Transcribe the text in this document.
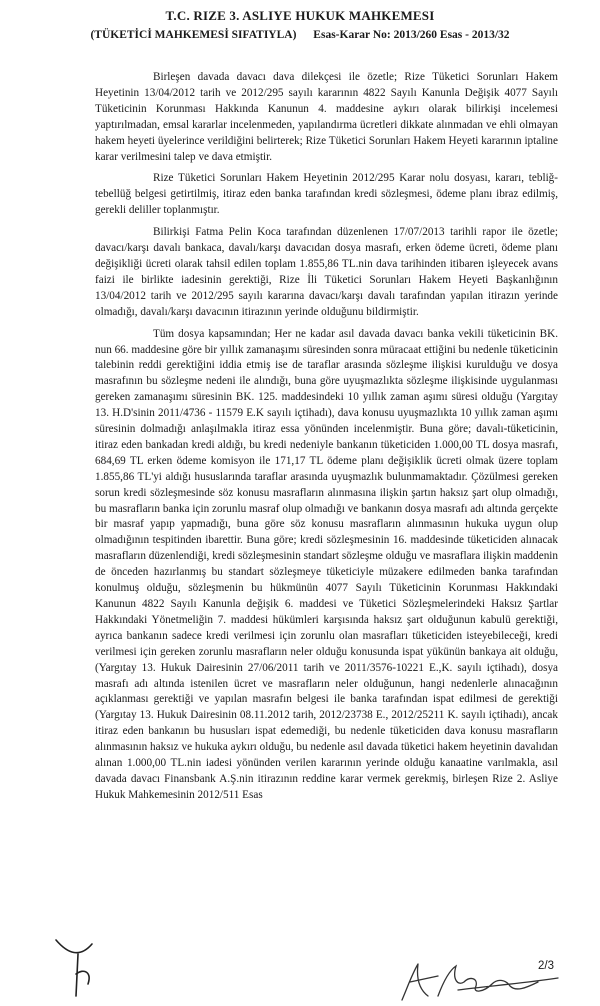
T.C. RIZE 3. ASLIYE HUKUK MAHKEMESI
(TÜKETİCİ MAHKEMESİ SIFATIYLA) Esas-Karar No: 2013/260 Esas - 2013/32

Birleşen davada davacı dava dilekçesi ile özetle; Rize Tüketici Sorunları Hakem Heyetinin 13/04/2012 tarih ve 2012/295 sayılı kararının 4822 Sayılı Kanunla Değişik 4077 Sayılı Tüketicinin Korunması Hakkında Kanunun 4. maddesine aykırı olarak bilirkişi incelemesi yaptırılmadan, emsal kararlar incelenmeden, yapılandırma ücretleri dikkate alınmadan ve ehli olmayan hakem heyeti üyelerince verildiğini belirterek; Rize Tüketici Sorunları Hakem Heyeti kararının iptaline karar verilmesini talep ve dava etmiştir.

Rize Tüketici Sorunları Hakem Heyetinin 2012/295 Karar nolu dosyası, kararı, tebliğ-tebellüğ belgesi getirtilmiş, itiraz eden banka tarafından kredi sözleşmesi, ödeme planı ibraz edilmiş, gerekli deliller toplanmıştır.

Bilirkişi Fatma Pelin Koca tarafından düzenlenen 17/07/2013 tarihli rapor ile özetle; davacı/karşı davalı bankaca, davalı/karşı davacıdan dosya masrafı, erken ödeme ücreti, ödeme planı değişikliği ücreti olarak tahsil edilen toplam 1.855,86 TL.nin dava tarihinden itibaren işleyecek avans faizi ile birlikte iadesinin gerektiği, Rize İli Tüketici Sorunları Hakem Heyeti Başkanlığının 13/04/2012 tarih ve 2012/295 sayılı kararına davacı/karşı davalı tarafından yapılan itirazın yerinde olmadığı, davalı/karşı davacının itirazının yerinde olduğunu bildirmiştir.

Tüm dosya kapsamından; Her ne kadar asıl davada davacı banka vekili tüketicinin BK. nun 66. maddesine göre bir yıllık zamanaşımı süresinden sonra müracaat ettiğini bu nedenle tüketicinin talebinin reddi gerektiğini iddia etmiş ise de taraflar arasında sözleşme ilişkisi kurulduğu ve dosya masrafının bu sözleşme nedeni ile alındığı, buna göre uyuşmazlıkta sözleşme ilişkisinde uygulanması gereken zamanaşımı süresinin BK. 125. maddesindeki 10 yıllık zaman aşımı süresi olduğu (Yargıtay 13. H.D'sinin 2011/4736 - 11579 E.K sayılı içtihadı), dava konusu uyuşmazlıkta 10 yıllık zaman aşımı süresinin dolmadığı anlaşılmakla itiraz essa yönünden incelenmiştir. Buna göre; davalı-tüketicinin, itiraz eden bankadan kredi aldığı, bu kredi nedeniyle bankanın tüketiciden 1.000,00 TL dosya masrafı, 684,69 TL erken ödeme komisyon ile 171,17 TL ödeme planı değişiklik ücreti olmak üzere toplam 1.855,86 TL'yi aldığı hususlarında taraflar arasında uyuşmazlık bulunmamaktadır. Çözülmesi gereken sorun kredi sözleşmesinde söz konusu masrafların alınmasına ilişkin şartın haksız şart olup olmadığı, bu masrafların banka için zorunlu masraf olup olmadığı ve bankanın dosya masrafı adı altında gerçekte bir masraf yapıp yapmadığı, buna göre söz konusu masrafların alınmasının hukuka uygun olup olmadığının tespitinden ibarettir. Buna göre; kredi sözleşmesinin 16. maddesinde tüketiciden alınacak masrafların düzenlendiği, kredi sözleşmesinin standart sözleşme olduğu ve masraflara ilişkin maddenin de önceden hazırlanmış bu standart sözleşmeye tüketiciyle müzakere edilmeden banka tarafından konulmuş olduğu, sözleşmenin bu hükmünün 4077 Sayılı Tüketicinin Korunması Hakkındaki Kanunun 4822 Sayılı Kanunla değişik 6. maddesi ve Tüketici Sözleşmelerindeki Haksız Şartlar Hakkındaki Yönetmeliğin 7. maddesi hükümleri karşısında haksız şart olduğunun kabulü gerektiği, ayrıca bankanın sadece kredi verilmesi için zorunlu olan masrafları tüketiciden isteyebileceği, kredi verilmesi için gereken zorunlu masrafların neler olduğu konusunda ispat yükünün bankaya ait olduğu, (Yargıtay 13. Hukuk Dairesinin 27/06/2011 tarih ve 2011/3576-10221 E.,K. sayılı içtihadı), dosya masrafı adı altında istenilen ücret ve masrafların neler olduğunun, hangi nedenlerle alınacağının açıklanması gerektiği ve yapılan masrafın belgesi ile banka tarafından ispat edilmesi de gerektiği (Yargıtay 13. Hukuk Dairesinin 08.11.2012 tarih, 2012/23738 E., 2012/25211 K. sayılı içtihadı), ancak itiraz eden bankanın bu hususları ispat edemediği, bu nedenle tüketiciden dava konusu masrafların alınmasının haksız ve hukuka aykırı olduğu, bu nedenle asıl davada tüketici hakem heyetinin davalıdan alınan 1.000,00 TL.nin iadesi yönünden verilen kararının yerinde olduğu kanaatine varılmakla, asıl davada davacı Finansbank A.Ş.nin itirazının reddine karar vermek gerekmiş, birleşen Rize 2. Asliye Hukuk Mahkemesinin 2012/511 Esas

2/3
